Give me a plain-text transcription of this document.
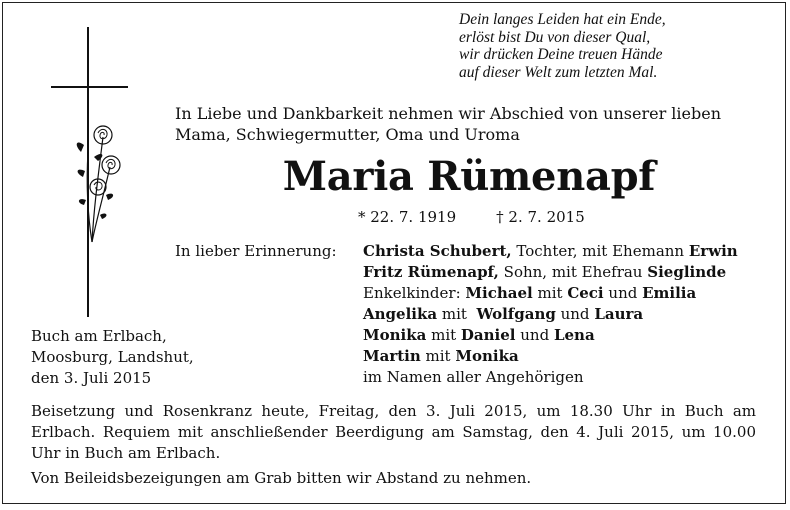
Dein langes Leiden hat ein Ende,
erlöst bist Du von dieser Qual,
wir drücken Deine treuen Hände
auf dieser Welt zum letzten Mal.
In Liebe und Dankbarkeit nehmen wir Abschied von unserer lieben Mama, Schwiegermutter, Oma und Uroma
Maria Rümenapf
* 22. 7. 1919	† 2. 7. 2015
In lieber Erinnerung: Christa Schubert, Tochter, mit Ehemann Erwin
Fritz Rümenapf, Sohn, mit Ehefrau Sieglinde
Enkelkinder: Michael mit Ceci und Emilia
Angelika mit  Wolfgang und Laura
Monika mit Daniel und Lena
Martin mit Monika
im Namen aller Angehörigen
Buch am Erlbach,
Moosburg, Landshut,
den 3. Juli 2015
Beisetzung und Rosenkranz heute, Freitag, den 3. Juli 2015, um 18.30 Uhr in Buch am Erlbach. Requiem mit anschließender Beerdigung am Samstag, den 4. Juli 2015, um 10.00 Uhr in Buch am Erlbach.
Von Beileidsbezeigungen am Grab bitten wir Abstand zu nehmen.
